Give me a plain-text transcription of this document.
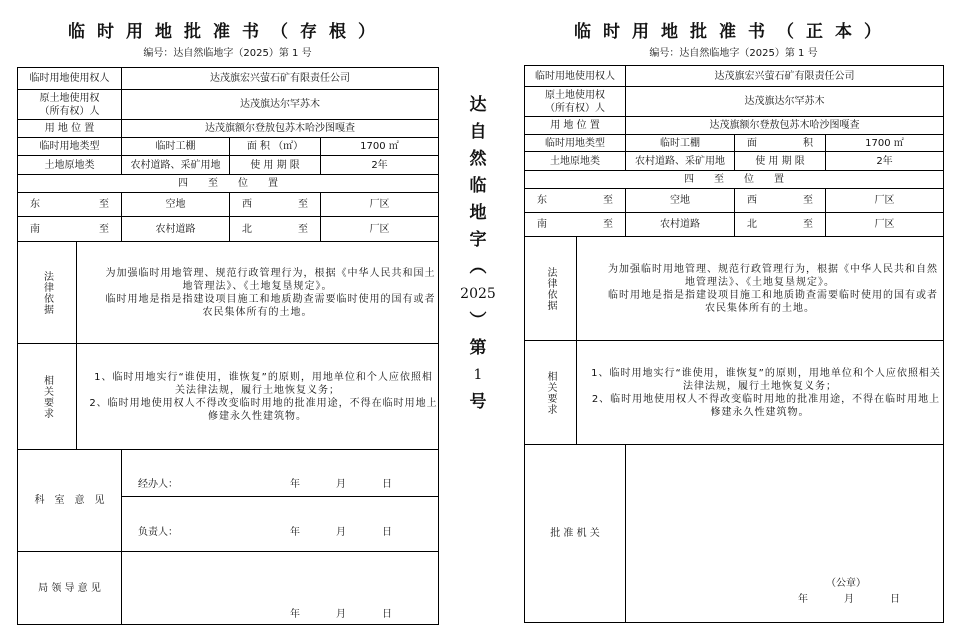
临时用地批准书（存根）
编号：达自然临地字（2025）第 1 号
临时用地使用权人		达茂旗宏兴萤石矿有限责任公司		

原土地使用权
（所有权）人		达茂旗达尔罕苏木		
用 地 位 置		达茂旗额尔登敖包苏木哈沙图嘎查		
临时用地类型		临时工棚	面 积 （㎡）	1700 ㎡
土地原地类		农村道路、采矿用地	使 用 期 限	2年
四　　至　　位　　置				

东 至		空地	西 至	厂区

南 至		农村道路	北 至	厂区

法律依据	为加强临时用地管理、规范行政管理行为，根据《中华人民共和国土地管理法》、《土地复垦规定》。

临时用地是指是指建设项目施工和地质勘查需要临时使用的国有或者农民集体所有的土地。			

相关要求	1、临时用地实行“谁使用，谁恢复”的原则，用地单位和个人应依照相关法律法规，履行土地恢复义务；

2、临时用地使用权人不得改变临时用地的批准用途，不得在临时用地上修建永久性建筑物。			

科　室　意　见		经办人： 年 月 日		

		负责人： 年 月 日		

局 领 导 意 见		年 月 日		
达
自
然
临
地
字
︵
2025
︶
第
1
号
临时用地批准书（正本）
编号：达自然临地字（2025）第 1 号
临时用地使用权人		达茂旗宏兴萤石矿有限责任公司		

原土地使用权
（所有权）人		达茂旗达尔罕苏木		
用 地 位 置		达茂旗额尔登敖包苏木哈沙图嘎查		
临时用地类型		临时工棚	面 积	1700 ㎡
土地原地类		农村道路、采矿用地	使 用 期 限	2年
四　　至　　位　　置				

东 至		空地	西 至	厂区

南 至		农村道路	北 至	厂区

法律依据	为加强临时用地管理、规范行政管理行为，根据《中华人民共和自然地管理法》、《土地复垦规定》。

临时用地是指是指建设项目施工和地质勘查需要临时使用的国有或者农民集体所有的土地。			

相关要求	1、临时用地实行“谁使用，谁恢复”的原则，用地单位和个人应依照相关法律法规，履行土地恢复义务；

2、临时用地使用权人不得改变临时用地的批准用途，不得在临时用地上修建永久性建筑物。			

批 准 机 关		（公章）
年 月 日		
